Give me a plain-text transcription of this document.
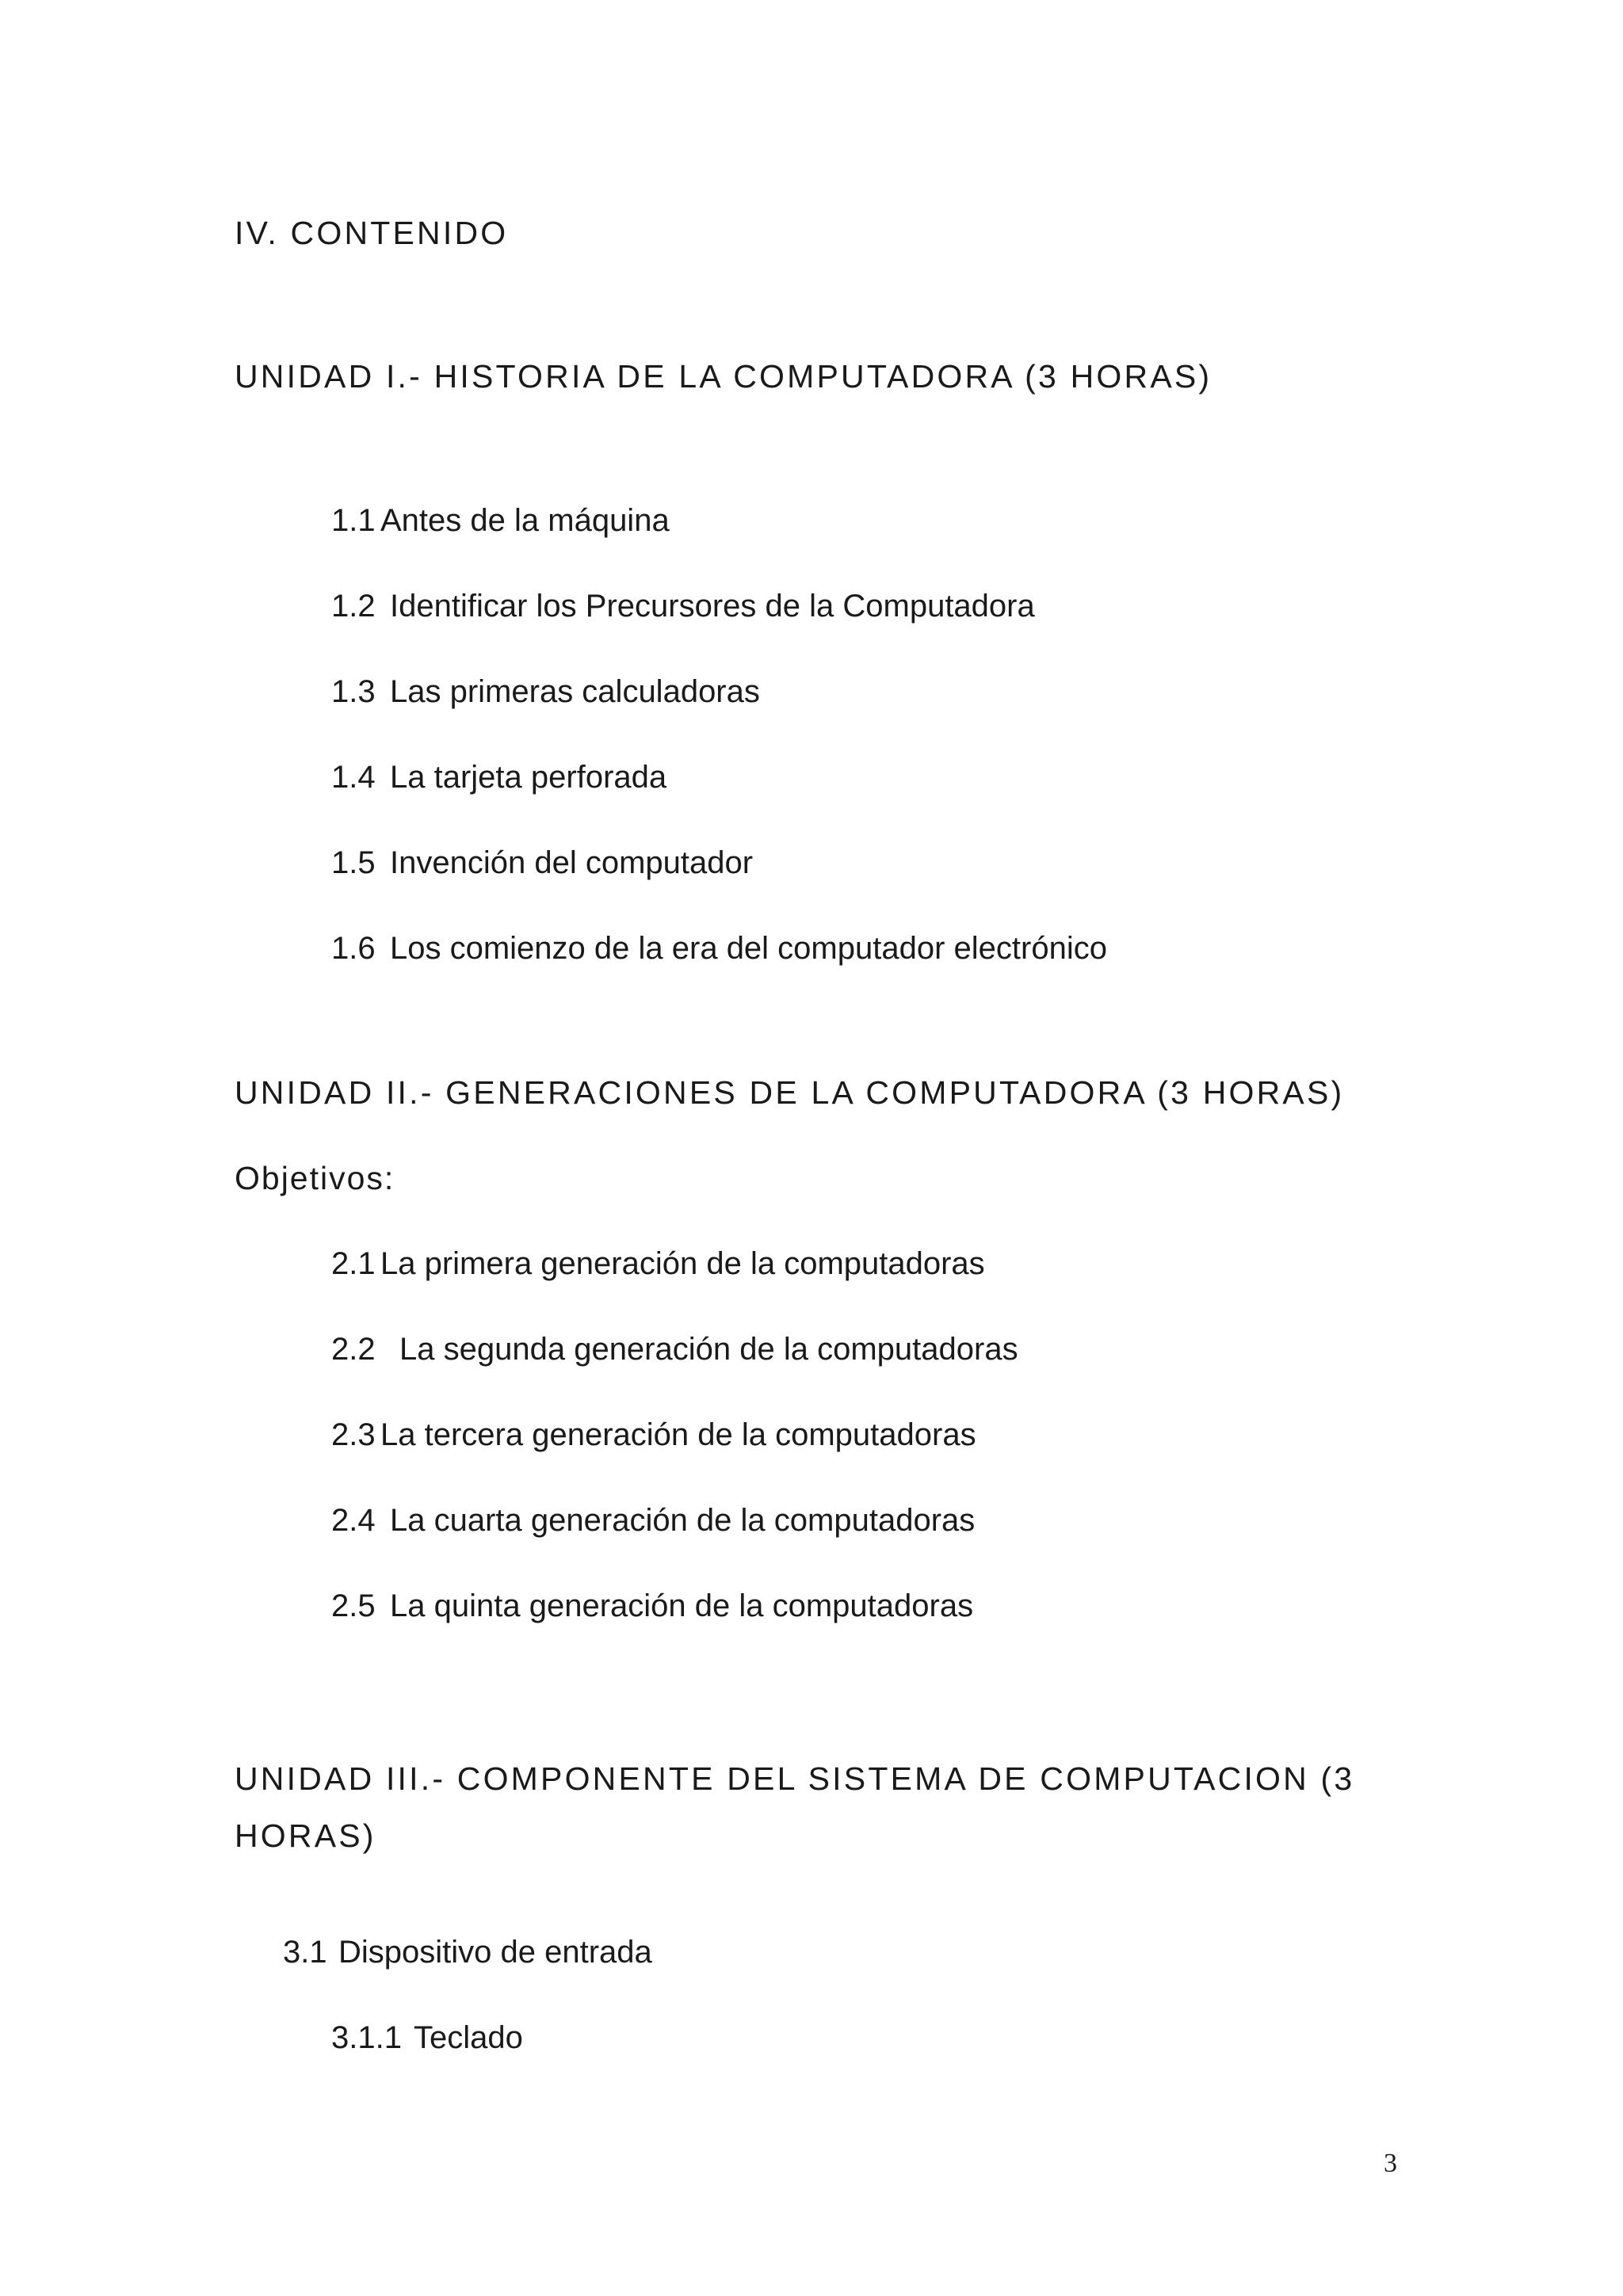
IV. CONTENIDO
UNIDAD I.- HISTORIA DE LA COMPUTADORA (3 HORAS)

1.1 Antes de la máquina

1.2 Identificar los Precursores de la Computadora

1.3 Las primeras calculadoras

1.4 La tarjeta perforada

1.5 Invención del computador

1.6 Los comienzo de la era del computador electrónico

UNIDAD II.- GENERACIONES DE LA COMPUTADORA (3 HORAS)

Objetivos:

2.1 La primera generación de la computadoras

2.2 La segunda generación de la computadoras

2.3 La tercera generación de la computadoras

2.4 La cuarta generación de la computadoras

2.5 La quinta generación de la computadoras

UNIDAD III.- COMPONENTE DEL SISTEMA DE COMPUTACION (3 HORAS)

3.1 Dispositivo de entrada

3.1.1 Teclado

3
